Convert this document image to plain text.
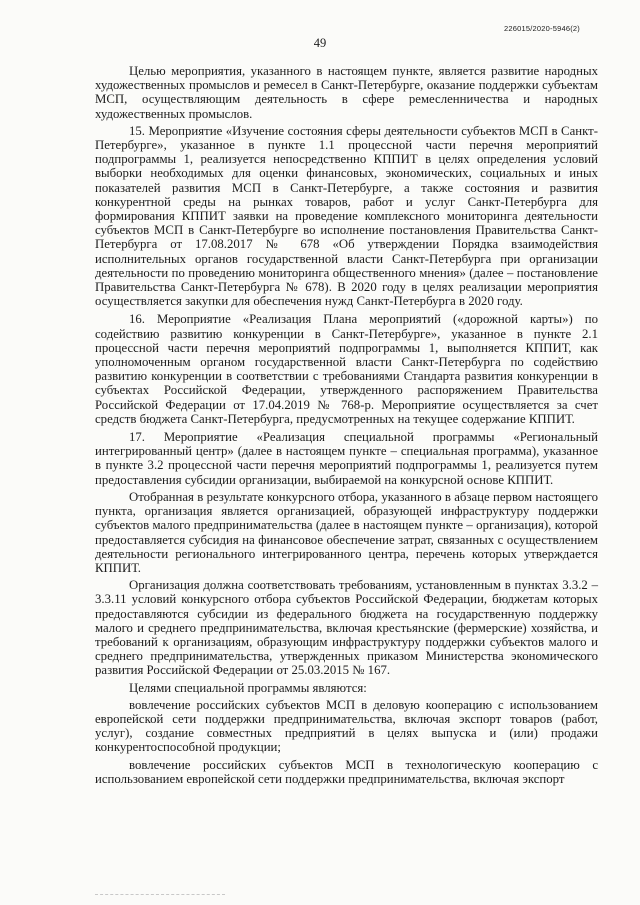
49
226015/2020-5946(2)

Целью мероприятия, указанного в настоящем пункте, является развитие народных художественных промыслов и ремесел в Санкт-Петербурге, оказание поддержки субъектам МСП, осуществляющим деятельность в сфере ремесленничества и народных художественных промыслов.

15. Мероприятие «Изучение состояния сферы деятельности субъектов МСП в Санкт-Петербурге», указанное в пункте 1.1 процессной части перечня мероприятий подпрограммы 1, реализуется непосредственно КППИТ в целях определения условий выборки необходимых для оценки финансовых, экономических, социальных и иных показателей развития МСП в Санкт-Петербурге, а также состояния и развития конкурентной среды на рынках товаров, работ и услуг Санкт-Петербурга для формирования КППИТ заявки на проведение комплексного мониторинга деятельности субъектов МСП в Санкт-Петербурге во исполнение постановления Правительства Санкт-Петербурга от 17.08.2017 № 678 «Об утверждении Порядка взаимодействия исполнительных органов государственной власти Санкт-Петербурга при организации деятельности по проведению мониторинга общественного мнения» (далее – постановление Правительства Санкт-Петербурга № 678). В 2020 году в целях реализации мероприятия осуществляется закупки для обеспечения нужд Санкт-Петербурга в 2020 году.

16. Мероприятие «Реализация Плана мероприятий («дорожной карты») по содействию развитию конкуренции в Санкт-Петербурге», указанное в пункте 2.1 процессной части перечня мероприятий подпрограммы 1, выполняется КППИТ, как уполномоченным органом государственной власти Санкт-Петербурга по содействию развитию конкуренции в соответствии с требованиями Стандарта развития конкуренции в субъектах Российской Федерации, утвержденного распоряжением Правительства Российской Федерации от 17.04.2019 № 768-р. Мероприятие осуществляется за счет средств бюджета Санкт-Петербурга, предусмотренных на текущее содержание КППИТ.

17. Мероприятие «Реализация специальной программы «Региональный интегрированный центр» (далее в настоящем пункте – специальная программа), указанное в пункте 3.2 процессной части перечня мероприятий подпрограммы 1, реализуется путем предоставления субсидии организации, выбираемой на конкурсной основе КППИТ.

Отобранная в результате конкурсного отбора, указанного в абзаце первом настоящего пункта, организация является организацией, образующей инфраструктуру поддержки субъектов малого предпринимательства (далее в настоящем пункте – организация), которой предоставляется субсидия на финансовое обеспечение затрат, связанных с осуществлением деятельности регионального интегрированного центра, перечень которых утверждается КППИТ.

Организация должна соответствовать требованиям, установленным в пунктах 3.3.2 – 3.3.11 условий конкурсного отбора субъектов Российской Федерации, бюджетам которых предоставляются субсидии из федерального бюджета на государственную поддержку малого и среднего предпринимательства, включая крестьянские (фермерские) хозяйства, и требований к организациям, образующим инфраструктуру поддержки субъектов малого и среднего предпринимательства, утвержденных приказом Министерства экономического развития Российской Федерации от 25.03.2015 № 167.

Целями специальной программы являются:

вовлечение российских субъектов МСП в деловую кооперацию с использованием европейской сети поддержки предпринимательства, включая экспорт товаров (работ, услуг), создание совместных предприятий в целях выпуска и (или) продажи конкурентоспособной продукции;

вовлечение российских субъектов МСП в технологическую кооперацию с использованием европейской сети поддержки предпринимательства, включая экспорт
